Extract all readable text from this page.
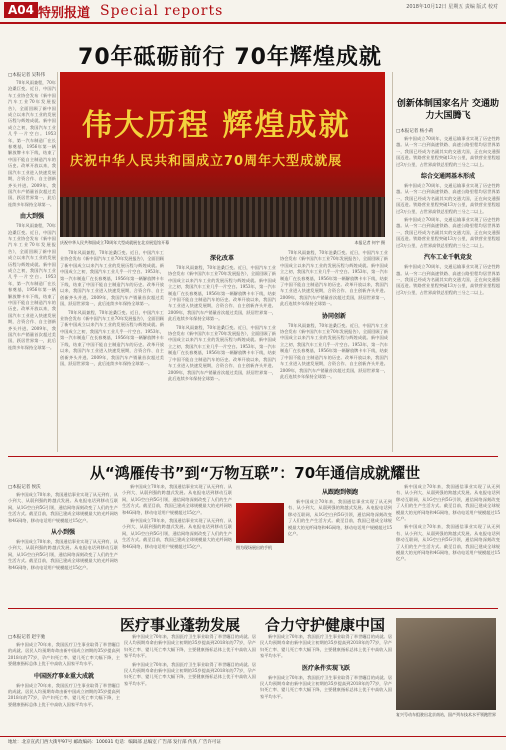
A04 特别报道 Special reports	2018年10月12日 星期五 责编 版式 校对
70年砥砺前行 70年辉煌成就
伟大历程 辉煌成就
庆祝中华人民共和国成立70周年大型成就展
庆祝中华人民共和国成立70周年大型成就展在北京展览馆开幕	本报记者 何宇 摄
□本报记者 吴科伟

70年风雨兼程，70年沧桑巨变。近日，中国汽车工业协会发布《新中国汽车工业70年发展报告》，全面回顾了新中国成立以来汽车工业的发展历程与辉煌成就。新中国成立之初，我国汽车工业几乎一片空白。1953年，第一汽车制造厂在长春奠基，1956年第一辆解放牌卡车下线，结束了中国不能自主制造汽车的历史。改革开放以来，我国汽车工业进入快速发展期，合资合作、自主创新齐头并进。2009年，我国汽车产销量首次超过美国，跃居世界第一，此后连续多年保持全球第一。

由大到强

70年风雨兼程，70年沧桑巨变。近日，中国汽车工业协会发布《新中国汽车工业70年发展报告》，全面回顾了新中国成立以来汽车工业的发展历程与辉煌成就。新中国成立之初，我国汽车工业几乎一片空白。1953年，第一汽车制造厂在长春奠基，1956年第一辆解放牌卡车下线，结束了中国不能自主制造汽车的历史。改革开放以来，我国汽车工业进入快速发展期，合资合作、自主创新齐头并进。2009年，我国汽车产销量首次超过美国，跃居世界第一，此后连续多年保持全球第一。

70年风雨兼程，70年沧桑巨变。近日，中国汽车工业协会发布《新中国汽车工业70年发展报告》，全面回顾了新中国成立以来汽车工业的发展历程与辉煌成就。新中国成立之初，我国汽车工业几乎一片空白。1953年，第一汽车制造厂在长春奠基，1956年第一辆解放牌卡车下线，结束了中国不能自主制造汽车的历史。改革开放以来，我国汽车工业进入快速发展期，合资合作、自主创新齐头并进。2009年，我国汽车产销量首次超过美国，跃居世界第一，此后连续多年保持全球第一。

70年风雨兼程，70年沧桑巨变。近日，中国汽车工业协会发布《新中国汽车工业70年发展报告》，全面回顾了新中国成立以来汽车工业的发展历程与辉煌成就。新中国成立之初，我国汽车工业几乎一片空白。1953年，第一汽车制造厂在长春奠基，1956年第一辆解放牌卡车下线，结束了中国不能自主制造汽车的历史。改革开放以来，我国汽车工业进入快速发展期，合资合作、自主创新齐头并进。2009年，我国汽车产销量首次超过美国，跃居世界第一，此后连续多年保持全球第一。

深化改革

70年风雨兼程，70年沧桑巨变。近日，中国汽车工业协会发布《新中国汽车工业70年发展报告》，全面回顾了新中国成立以来汽车工业的发展历程与辉煌成就。新中国成立之初，我国汽车工业几乎一片空白。1953年，第一汽车制造厂在长春奠基，1956年第一辆解放牌卡车下线，结束了中国不能自主制造汽车的历史。改革开放以来，我国汽车工业进入快速发展期，合资合作、自主创新齐头并进。2009年，我国汽车产销量首次超过美国，跃居世界第一，此后连续多年保持全球第一。

70年风雨兼程，70年沧桑巨变。近日，中国汽车工业协会发布《新中国汽车工业70年发展报告》，全面回顾了新中国成立以来汽车工业的发展历程与辉煌成就。新中国成立之初，我国汽车工业几乎一片空白。1953年，第一汽车制造厂在长春奠基，1956年第一辆解放牌卡车下线，结束了中国不能自主制造汽车的历史。改革开放以来，我国汽车工业进入快速发展期，合资合作、自主创新齐头并进。2009年，我国汽车产销量首次超过美国，跃居世界第一，此后连续多年保持全球第一。

70年风雨兼程，70年沧桑巨变。近日，中国汽车工业协会发布《新中国汽车工业70年发展报告》，全面回顾了新中国成立以来汽车工业的发展历程与辉煌成就。新中国成立之初，我国汽车工业几乎一片空白。1953年，第一汽车制造厂在长春奠基，1956年第一辆解放牌卡车下线，结束了中国不能自主制造汽车的历史。改革开放以来，我国汽车工业进入快速发展期，合资合作、自主创新齐头并进。2009年，我国汽车产销量首次超过美国，跃居世界第一，此后连续多年保持全球第一。

协同创新

70年风雨兼程，70年沧桑巨变。近日，中国汽车工业协会发布《新中国汽车工业70年发展报告》，全面回顾了新中国成立以来汽车工业的发展历程与辉煌成就。新中国成立之初，我国汽车工业几乎一片空白。1953年，第一汽车制造厂在长春奠基，1956年第一辆解放牌卡车下线，结束了中国不能自主制造汽车的历史。改革开放以来，我国汽车工业进入快速发展期，合资合作、自主创新齐头并进。2009年，我国汽车产销量首次超过美国，跃居世界第一，此后连续多年保持全球第一。

创新体制国家名片 交通助力大国腾飞
□本报记者 杨小莉

新中国成立70周年，交通运输事业实现了历史性跨越。从一穷二白到高速铁路、高速公路里程均居世界第一，我国已经成为名副其实的交通大国，正在向交通强国迈进。铁路营业里程突破13万公里，高铁营业里程超过3万公里，占世界高铁总里程的三分之二以上。

综合交通网基本形成

新中国成立70周年，交通运输事业实现了历史性跨越。从一穷二白到高速铁路、高速公路里程均居世界第一，我国已经成为名副其实的交通大国，正在向交通强国迈进。铁路营业里程突破13万公里，高铁营业里程超过3万公里，占世界高铁总里程的三分之二以上。

新中国成立70周年，交通运输事业实现了历史性跨越。从一穷二白到高速铁路、高速公路里程均居世界第一，我国已经成为名副其实的交通大国，正在向交通强国迈进。铁路营业里程突破13万公里，高铁营业里程超过3万公里，占世界高铁总里程的三分之二以上。

汽车工业千帆竞发

新中国成立70周年，交通运输事业实现了历史性跨越。从一穷二白到高速铁路、高速公路里程均居世界第一，我国已经成为名副其实的交通大国，正在向交通强国迈进。铁路营业里程突破13万公里，高铁营业里程超过3万公里，占世界高铁总里程的三分之二以上。

从“鸿雁传书”到“万物互联”：70年通信成就耀世
□本报记者 侯沃

新中国成立70年来，我国通信事业实现了从无到有、从小到大、从弱到强的跨越式发展。从电报电话到移动互联网，从1G空白到5G引领，通信网络深刻改变了人们的生产生活方式。截至目前，我国已建成全球规模最大的光纤网络和4G网络，移动电话用户规模超过15亿户。

从小到强

新中国成立70年来，我国通信事业实现了从无到有、从小到大、从弱到强的跨越式发展。从电报电话到移动互联网，从1G空白到5G引领，通信网络深刻改变了人们的生产生活方式。截至目前，我国已建成全球规模最大的光纤网络和4G网络，移动电话用户规模超过15亿户。

新中国成立70年来，我国通信事业实现了从无到有、从小到大、从弱到强的跨越式发展。从电报电话到移动互联网，从1G空白到5G引领，通信网络深刻改变了人们的生产生活方式。截至目前，我国已建成全球规模最大的光纤网络和4G网络，移动电话用户规模超过15亿户。

新中国成立70年来，我国通信事业实现了从无到有、从小到大、从弱到强的跨越式发展。从电报电话到移动互联网，从1G空白到5G引领，通信网络深刻改变了人们的生产生活方式。截至目前，我国已建成全球规模最大的光纤网络和4G网络，移动电话用户规模超过15亿户。	图为现场展出的手机
从跟跑到领跑

新中国成立70年来，我国通信事业实现了从无到有、从小到大、从弱到强的跨越式发展。从电报电话到移动互联网，从1G空白到5G引领，通信网络深刻改变了人们的生产生活方式。截至目前，我国已建成全球规模最大的光纤网络和4G网络，移动电话用户规模超过15亿户。

新中国成立70年来，我国通信事业实现了从无到有、从小到大、从弱到强的跨越式发展。从电报电话到移动互联网，从1G空白到5G引领，通信网络深刻改变了人们的生产生活方式。截至目前，我国已建成全球规模最大的光纤网络和4G网络，移动电话用户规模超过15亿户。

新中国成立70年来，我国通信事业实现了从无到有、从小到大、从弱到强的跨越式发展。从电报电话到移动互联网，从1G空白到5G引领，通信网络深刻改变了人们的生产生活方式。截至目前，我国已建成全球规模最大的光纤网络和4G网络，移动电话用户规模超过15亿户。

医疗事业蓬勃发展 合力守护健康中国
□本报记者 赵宇驰

新中国成立70年来，我国医疗卫生事业取得了举世瞩目的成就。居民人均预期寿命由新中国成立初期的35岁提高到2018年的77岁，孕产妇死亡率、婴儿死亡率大幅下降，主要健康指标总体上优于中高收入国家平均水平。

中国医疗事业重大成就

新中国成立70年来，我国医疗卫生事业取得了举世瞩目的成就。居民人均预期寿命由新中国成立初期的35岁提高到2018年的77岁，孕产妇死亡率、婴儿死亡率大幅下降，主要健康指标总体上优于中高收入国家平均水平。

新中国成立70年来，我国医疗卫生事业取得了举世瞩目的成就。居民人均预期寿命由新中国成立初期的35岁提高到2018年的77岁，孕产妇死亡率、婴儿死亡率大幅下降，主要健康指标总体上优于中高收入国家平均水平。

新中国成立70年来，我国医疗卫生事业取得了举世瞩目的成就。居民人均预期寿命由新中国成立初期的35岁提高到2018年的77岁，孕产妇死亡率、婴儿死亡率大幅下降，主要健康指标总体上优于中高收入国家平均水平。

新中国成立70年来，我国医疗卫生事业取得了举世瞩目的成就。居民人均预期寿命由新中国成立初期的35岁提高到2018年的77岁，孕产妇死亡率、婴儿死亡率大幅下降，主要健康指标总体上优于中高收入国家平均水平。

医疗条件实现飞跃

新中国成立70年来，我国医疗卫生事业取得了举世瞩目的成就。居民人均预期寿命由新中国成立初期的35岁提高到2018年的77岁，孕产妇死亡率、婴儿死亡率大幅下降，主要健康指标总体上优于中高收入国家平均水平。

复兴号动车组驶出北京南站，国产列车技术水平领跑世界
地址：北京宣武门西大街甲97号 邮政编码：100031 电话：编辑部 总编室 广告部 发行部 传真 广告许可证
